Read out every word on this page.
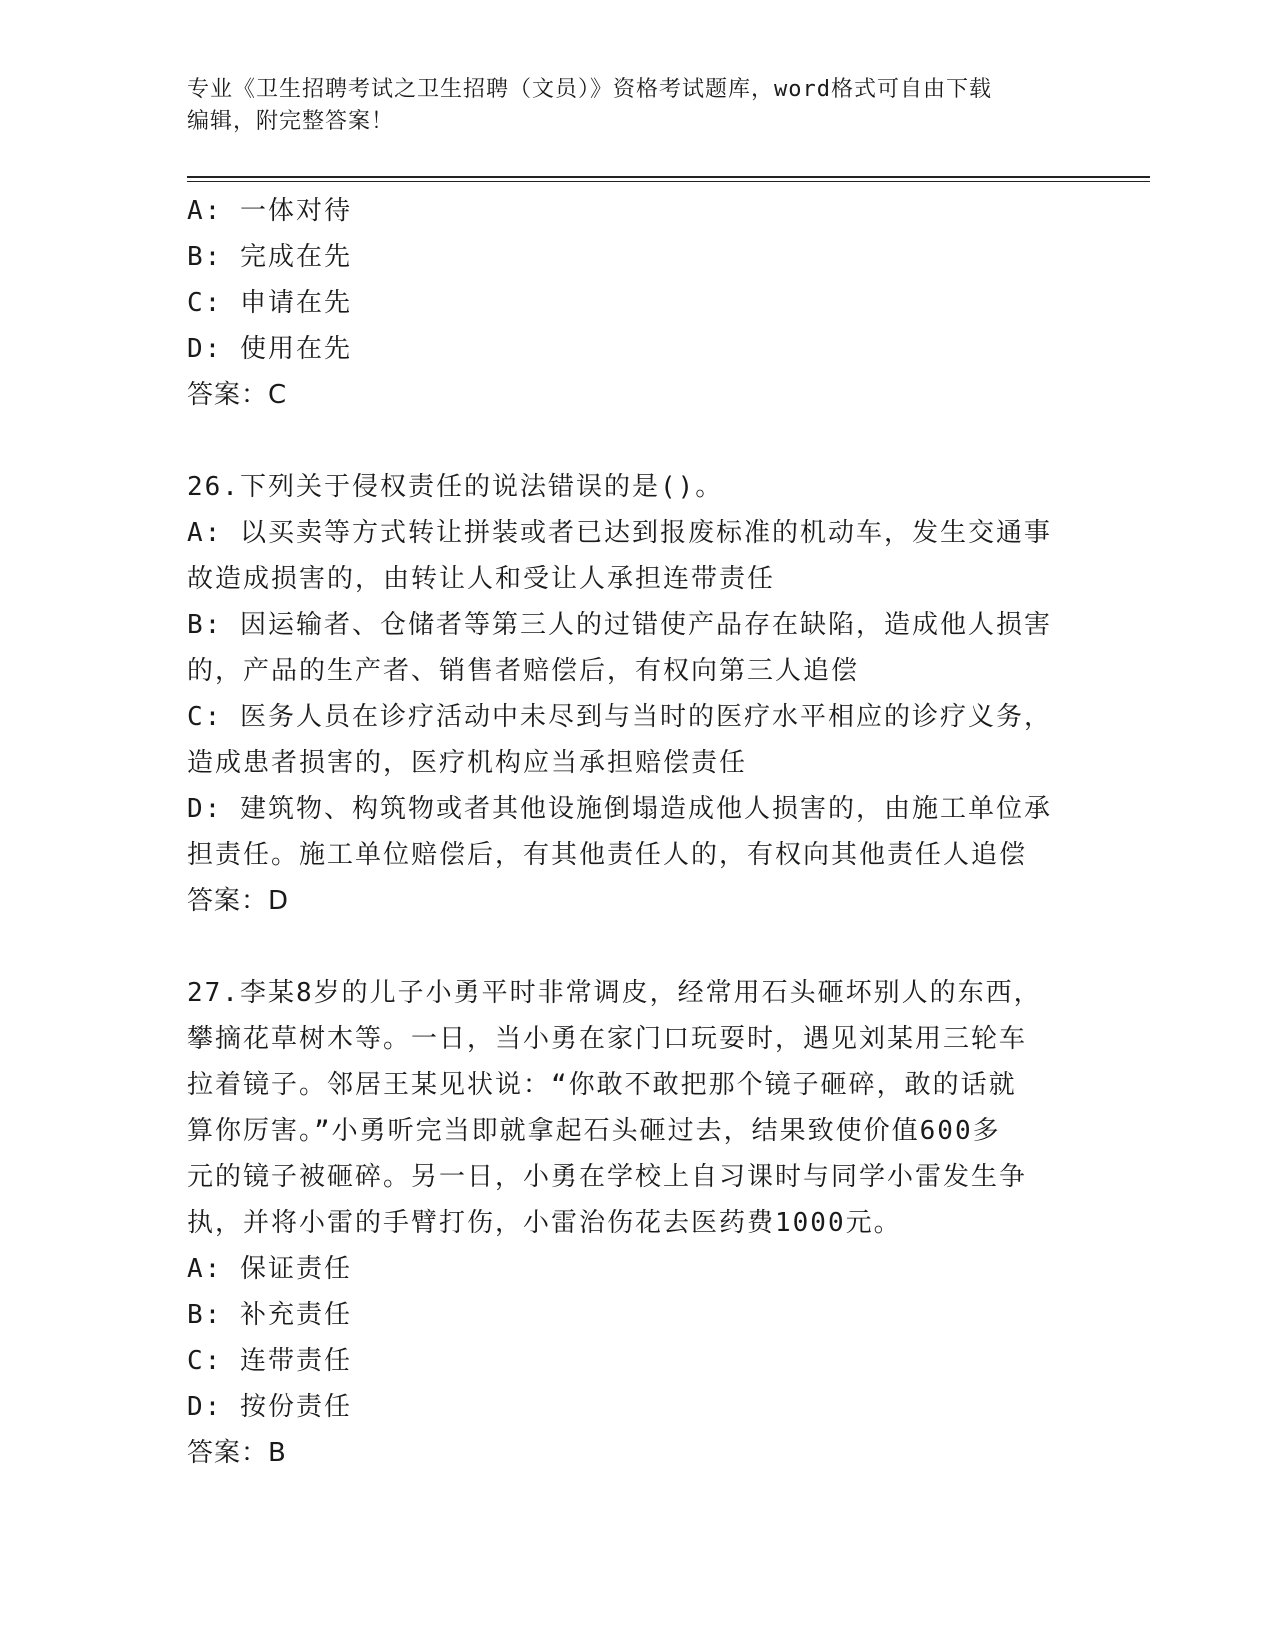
专业《卫生招聘考试之卫生招聘（文员）》资格考试题库，word格式可自由下载
编辑，附完整答案！
A: 一体对待
B: 完成在先
C: 申请在先
D: 使用在先
答案：C
26.下列关于侵权责任的说法错误的是()。
A: 以买卖等方式转让拼装或者已达到报废标准的机动车，发生交通事
故造成损害的，由转让人和受让人承担连带责任
B: 因运输者、仓储者等第三人的过错使产品存在缺陷，造成他人损害
的，产品的生产者、销售者赔偿后，有权向第三人追偿
C: 医务人员在诊疗活动中未尽到与当时的医疗水平相应的诊疗义务，
造成患者损害的，医疗机构应当承担赔偿责任
D: 建筑物、构筑物或者其他设施倒塌造成他人损害的，由施工单位承
担责任。施工单位赔偿后，有其他责任人的，有权向其他责任人追偿
答案：D
27.李某8岁的儿子小勇平时非常调皮，经常用石头砸坏别人的东西，
攀摘花草树木等。一日，当小勇在家门口玩耍时，遇见刘某用三轮车
拉着镜子。邻居王某见状说：“你敢不敢把那个镜子砸碎，敢的话就
算你厉害。”小勇听完当即就拿起石头砸过去，结果致使价值600多
元的镜子被砸碎。另一日，小勇在学校上自习课时与同学小雷发生争
执，并将小雷的手臂打伤，小雷治伤花去医药费1000元。
A: 保证责任
B: 补充责任
C: 连带责任
D: 按份责任
答案：B
